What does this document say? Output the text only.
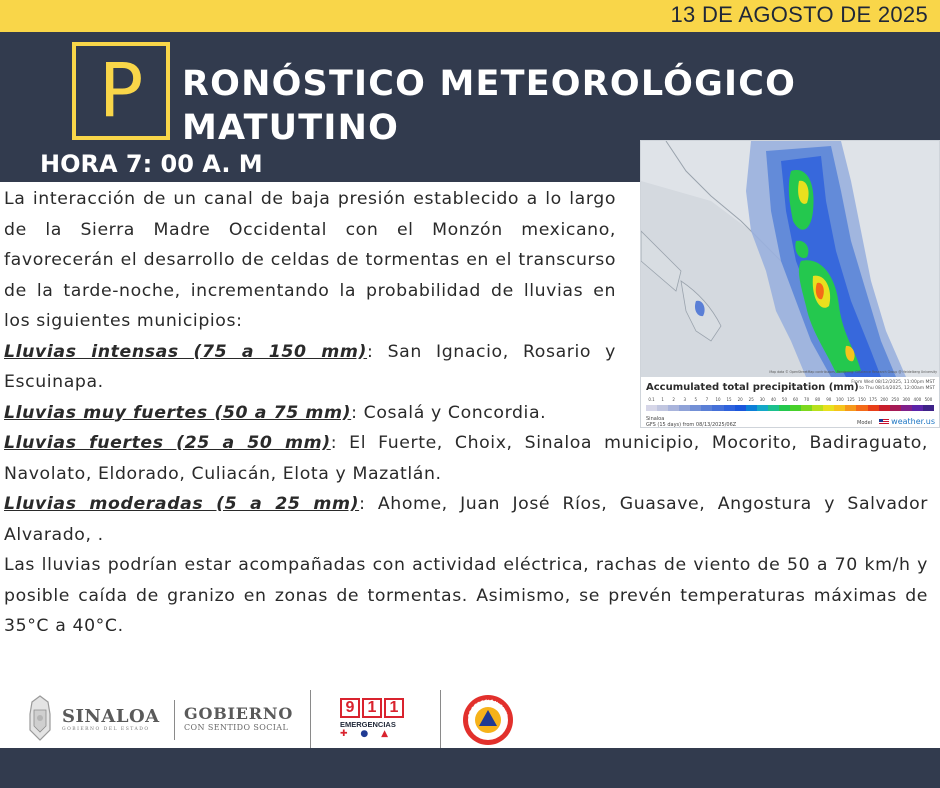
13 DE AGOSTO DE 2025
P	RONÓSTICO METEOROLÓGICO
MATUTINO
HORA 7: 00 A. M
Map data © OpenStreetMap contributors, Rendering: GIScience Research Group @ Heidelberg University
Accumulated total precipitation (mm)
From Wed 08/12/2025, 11:00pm MST
to Thu 08/14/2025, 12:00am MST
0.1	1	2	3	5	7	10	15	20	25	30	40	50	60	70	80	90	100 125 150 175 200 250 300 400 500
Sinaloa
GFS (15 days) from 08/13/2025/06Z	Model weather.us
La interacción de un canal de baja presión establecido a lo largo de la Sierra Madre Occidental con el Monzón mexicano, favorecerán el desarrollo de celdas de tormentas en el transcurso de la tarde-noche, incrementando la probabilidad de lluvias en los siguientes municipios:
Lluvias intensas (75 a 150 mm): San Ignacio, Rosario y Escuinapa.
Lluvias muy fuertes (50 a 75 mm): Cosalá y Concordia.
Lluvias fuertes (25 a 50 mm): El Fuerte, Choix, Sinaloa municipio, Mocorito, Badiraguato, Navolato, Eldorado, Culiacán, Elota y Mazatlán.
Lluvias moderadas (5 a 25 mm): Ahome, Juan José Ríos, Guasave, Angostura y Salvador Alvarado, .
Las lluvias podrían estar acompañadas con actividad eléctrica, rachas de viento de 50 a 70 km/h y posible caída de granizo en zonas de tormentas. Asimismo, se prevén temperaturas máximas de 35°C a 40°C.
SINALOA
GOBIERNO DEL ESTADO
GOBIERNO
CON SENTIDO SOCIAL
9 1 1
EMERGENCIAS
✚ ● ▲
PROTECCIÓN CIVIL
SINALOA
